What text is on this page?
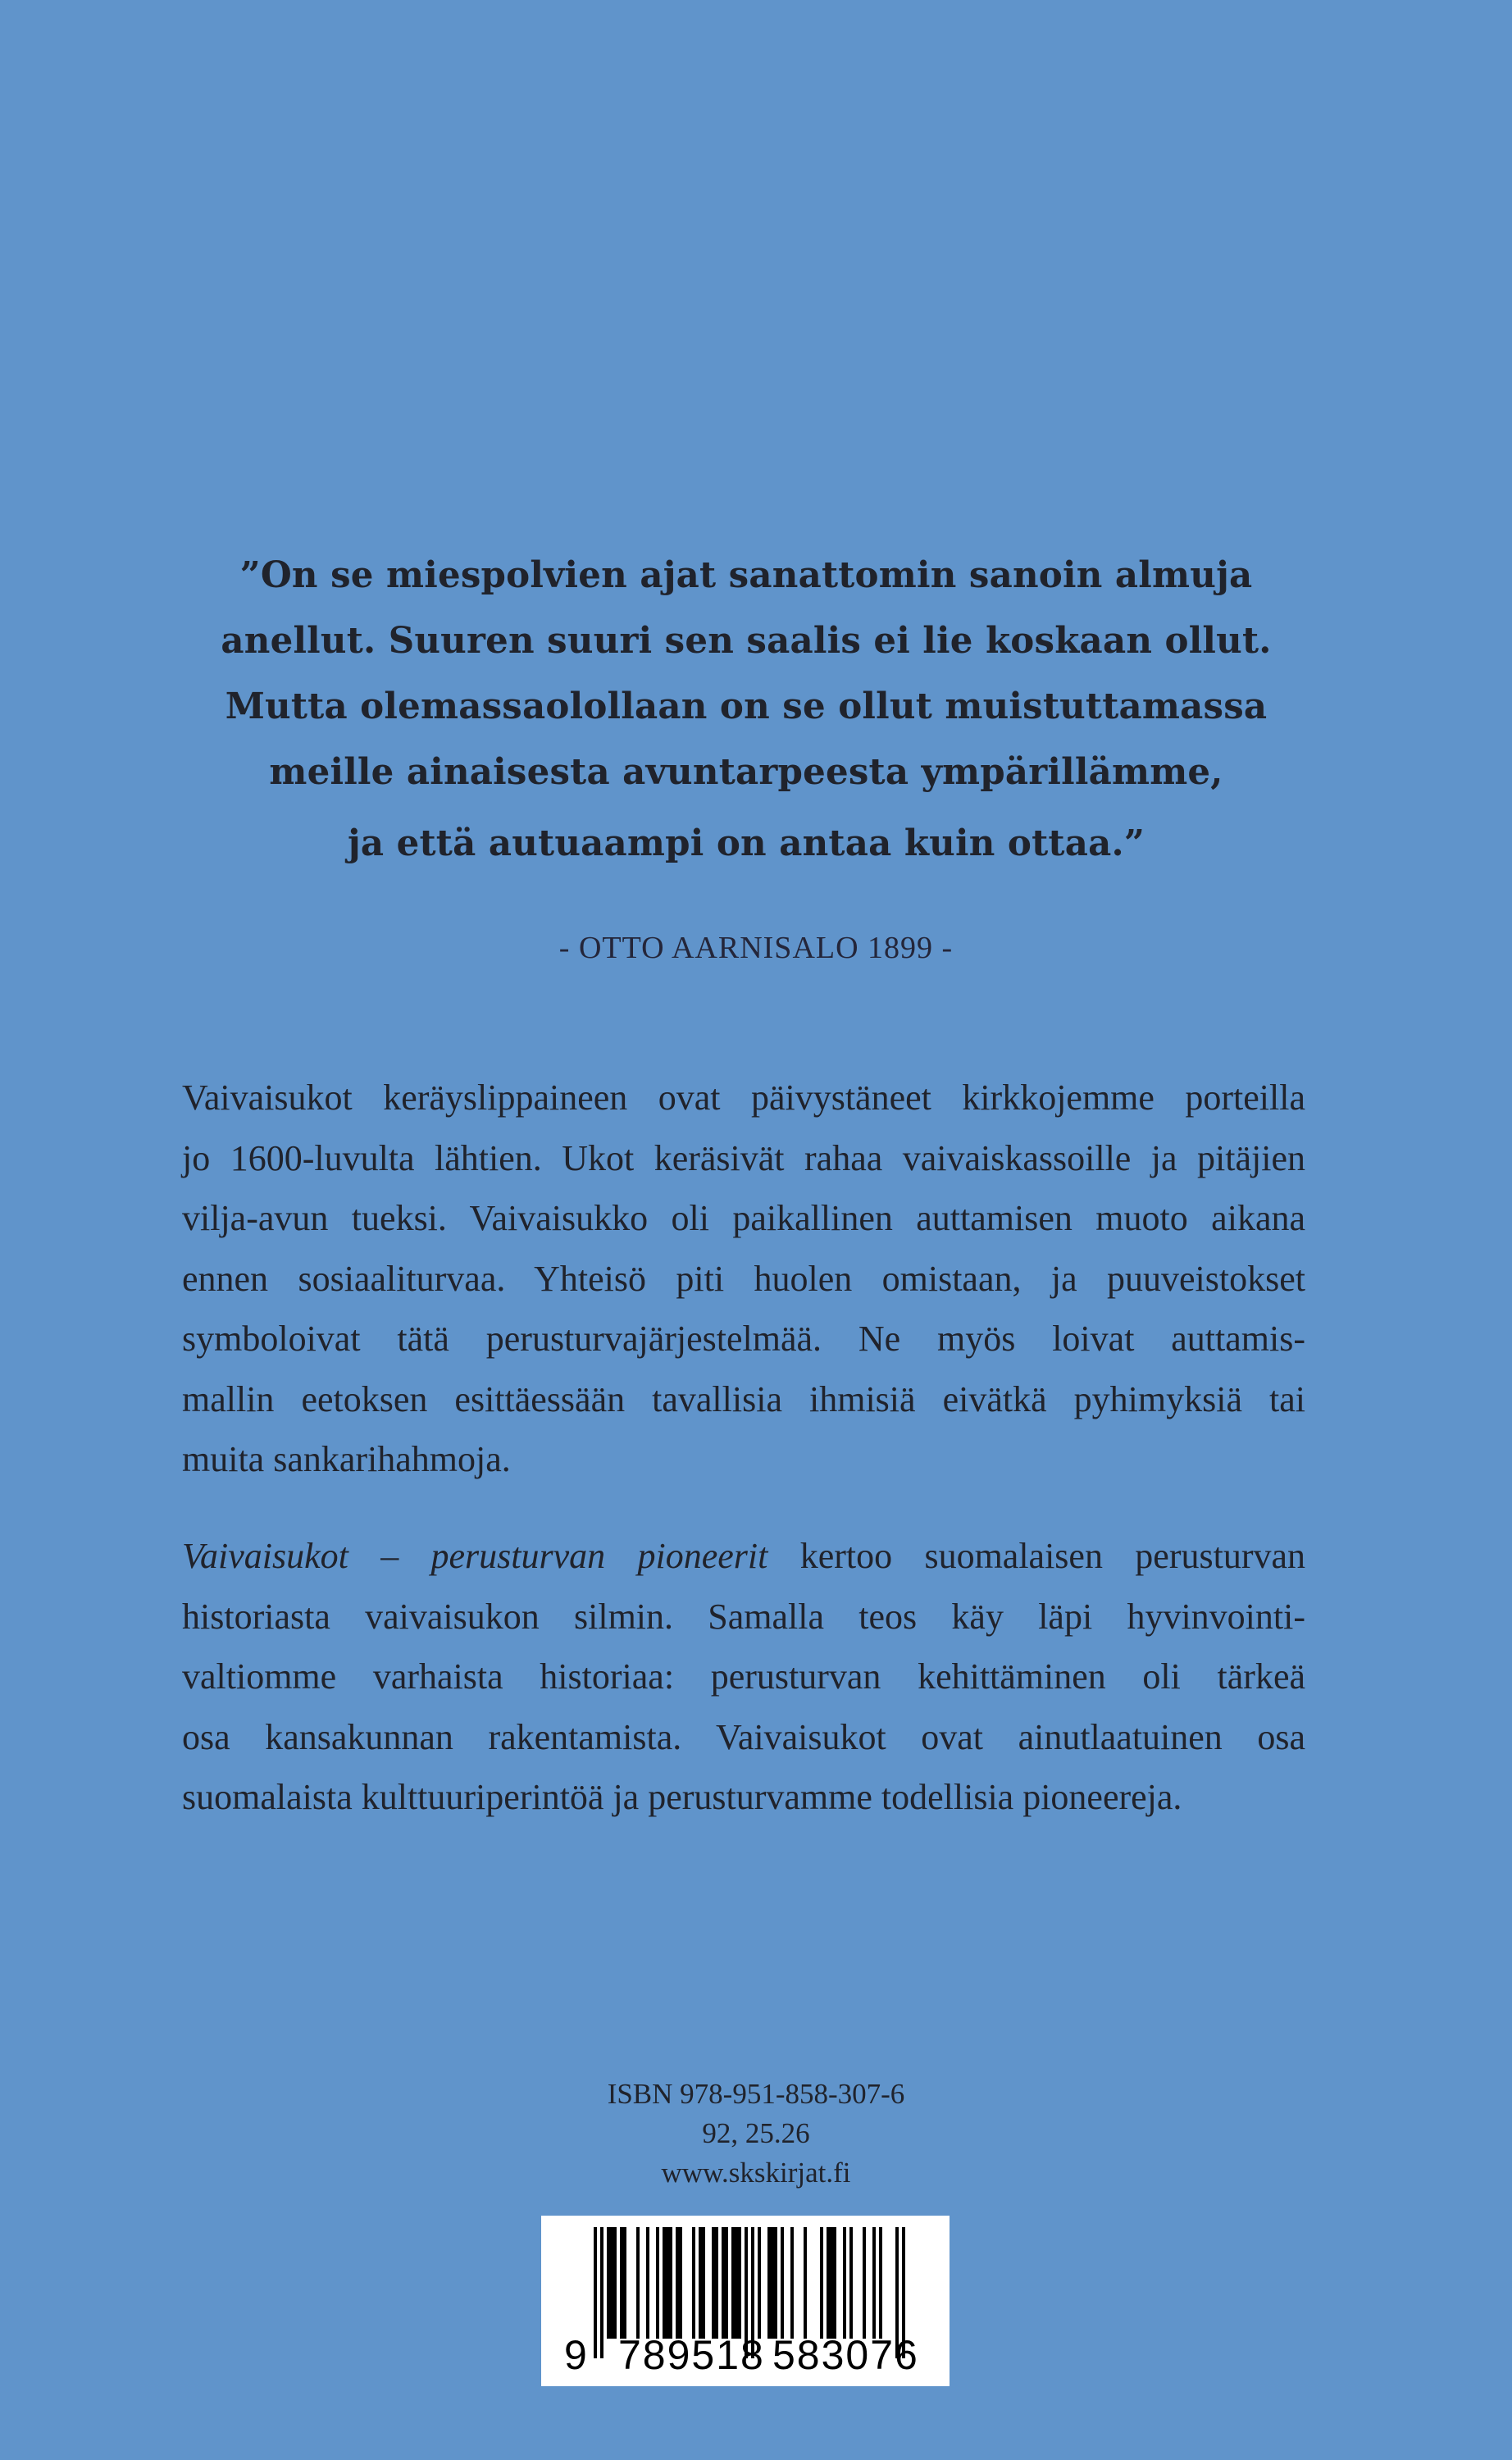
”On se miespolvien ajat sanattomin sanoin almuja
anellut. Suuren suuri sen saalis ei lie koskaan ollut.
Mutta olemassaolollaan on se ollut muistuttamassa
meille ainaisesta avuntarpeesta ympärillämme,
ja että autuaampi on antaa kuin ottaa.”
- OTTO AARNISALO 1899 -
Vaivaisukot keräyslippaineen ovat päivystäneet kirkkojemme porteilla
jo 1600-luvulta lähtien. Ukot keräsivät rahaa vaivaiskassoille ja pitäjien
vilja-avun tueksi. Vaivaisukko oli paikallinen auttamisen muoto aikana
ennen sosiaaliturvaa. Yhteisö piti huolen omistaan, ja puuveistokset
symboloivat tätä perusturvajärjestelmää. Ne myös loivat auttamis-
mallin eetoksen esittäessään tavallisia ihmisiä eivätkä pyhimyksiä tai
muita sankarihahmoja.
Vaivaisukot – perusturvan pioneerit kertoo suomalaisen perusturvan
historiasta vaivaisukon silmin. Samalla teos käy läpi hyvinvointi-
valtiomme varhaista historiaa: perusturvan kehittäminen oli tärkeä
osa kansakunnan rakentamista. Vaivaisukot ovat ainutlaatuinen osa
suomalaista kulttuuriperintöä ja perusturvamme todellisia pioneereja.
ISBN 978-951-858-307-6
92, 25.26
www.skskirjat.fi
9 789518 583076
